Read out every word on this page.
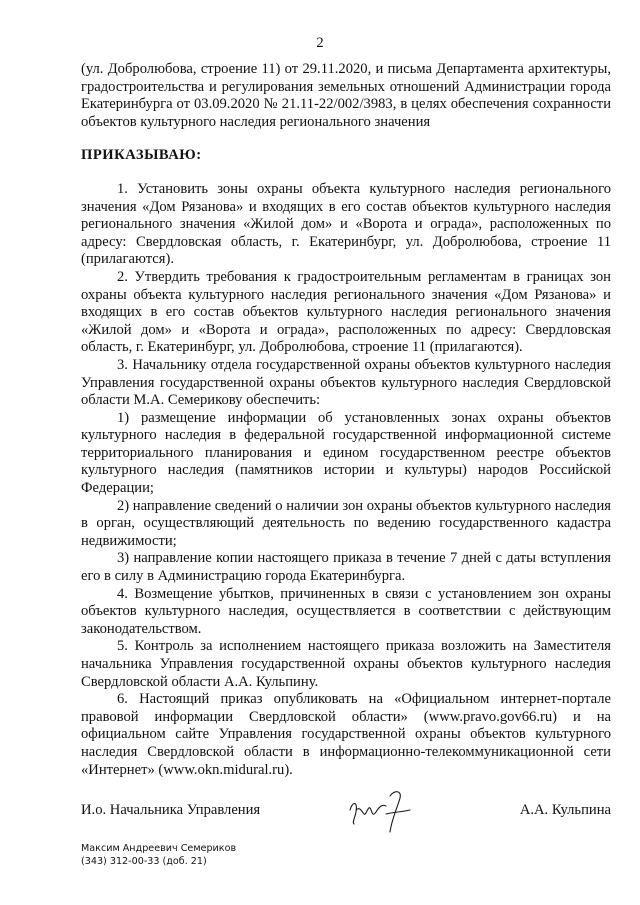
2

(ул. Добролюбова, строение 11) от 29.11.2020, и письма Департамента архитектуры, градостроительства и регулирования земельных отношений Администрации города Екатеринбурга от 03.09.2020 № 21.11-22/002/3983, в целях обеспечения сохранности объектов культурного наследия регионального значения

ПРИКАЗЫВАЮ:

1. Установить зоны охраны объекта культурного наследия регионального значения «Дом Рязанова» и входящих в его состав объектов культурного наследия регионального значения «Жилой дом» и «Ворота и ограда», расположенных по адресу: Свердловская область, г. Екатеринбург, ул. Добролюбова, строение 11 (прилагаются).

2. Утвердить требования к градостроительным регламентам в границах зон охраны объекта культурного наследия регионального значения «Дом Рязанова» и входящих в его состав объектов культурного наследия регионального значения «Жилой дом» и «Ворота и ограда», расположенных по адресу: Свердловская область, г. Екатеринбург, ул. Добролюбова, строение 11 (прилагаются).

3. Начальнику отдела государственной охраны объектов культурного наследия Управления государственной охраны объектов культурного наследия Свердловской области М.А. Семерикову обеспечить:

1) размещение информации об установленных зонах охраны объектов культурного наследия в федеральной государственной информационной системе территориального планирования и едином государственном реестре объектов культурного наследия (памятников истории и культуры) народов Российской Федерации;

2) направление сведений о наличии зон охраны объектов культурного наследия в орган, осуществляющий деятельность по ведению государственного кадастра недвижимости;

3) направление копии настоящего приказа в течение 7 дней с даты вступления его в силу в Администрацию города Екатеринбурга.

4. Возмещение убытков, причиненных в связи с установлением зон охраны объектов культурного наследия, осуществляется в соответствии с действующим законодательством.

5. Контроль за исполнением настоящего приказа возложить на Заместителя начальника Управления государственной охраны объектов культурного наследия Свердловской области А.А. Кульпину.

6. Настоящий приказ опубликовать на «Официальном интернет-портале правовой информации Свердловской области» (www.pravo.gov66.ru) и на официальном сайте Управления государственной охраны объектов культурного наследия Свердловской области в информационно-телекоммуникационной сети «Интернет» (www.okn.midural.ru).

И.о. Начальника Управления	А.А. Кульпина
Максим Андреевич Семериков
(343) 312-00-33 (доб. 21)
